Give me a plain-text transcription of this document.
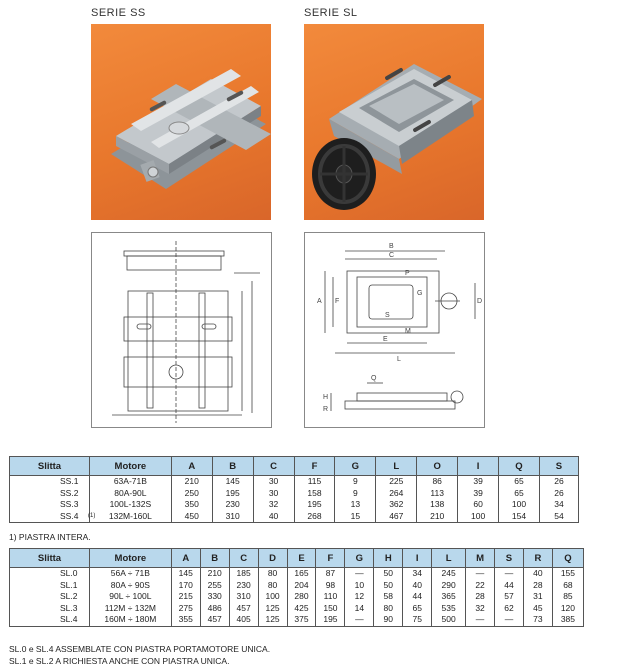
SERIE SS	SERIE SL
B
C
P
A F	D
G
S
M
E
L
Q
H
R
Slitta	Motore	A	B	C	F	G	L	O	I	Q	S
SS.1	63A-71B	210	145	30	115	9	225	86	39	65	26
SS.2	80A-90L	250	195	30	158	9	264	113	39	65	26
SS.3	100L-132S	350	230	32	195	13	362	138	60	100	34
SS.4 (1)	132M-160L	450	310	40	268	15	467	210	100	154	54
1) PIASTRA INTERA.
Slitta	Motore	A	B	C	D	E	F	G	H	I	L	M	S	R	Q
SL.0	56A ÷ 71B	145	210	185	80	165	87	—	50	34	245	—	—	40	155
SL.1	80A ÷ 90S	170	255	230	80	204	98	10	50	40	290	22	44	28	68
SL.2	90L ÷ 100L	215	330	310	100	280	110	12	58	44	365	28	57	31	85
SL.3	112M ÷ 132M	275	486	457	125	425	150	14	80	65	535	32	62	45	120
SL.4	160M ÷ 180M	355	457	405	125	375	195	—	90	75	500	—	—	73	385
SL.0 e SL.4 ASSEMBLATE CON PIASTRA PORTAMOTORE UNICA.
SL.1 e SL.2 A RICHIESTA ANCHE CON PIASTRA UNICA.
